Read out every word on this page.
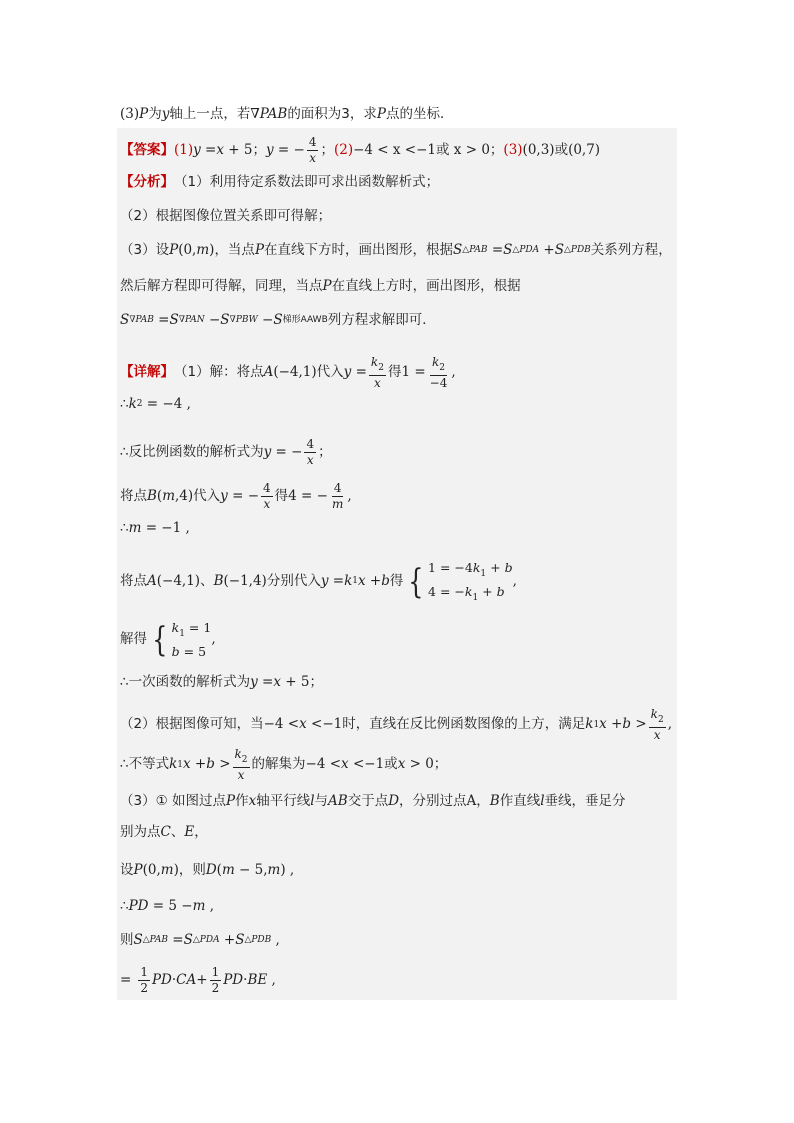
(3) P 为 y 轴上一点，若 ∇ PAB 的面积为3，求 P 点的坐标．
【答案】 (1) y = x + 5 ； y = − $\frac{4}{x}$ ； (2) −4 < x <−1或 x > 0 ； (3) (0,3) 或 (0,7)
【分析】 （1）利用待定系数法即可求出函数解析式；
（2）根据图像位置关系即可得解；
（3）设 P (0, m ) ，当点 P 在直线下方时，画出图形，根据 S △ PAB = S △ PDA + S △ PDB 关系列方程，
然后解方程即可得解，同理，当点 P 在直线上方时，画出图形，根据
S ∇ PAB = S ∇ PAN − S ∇ PBW − S 梯形AAWB 列方程求解即可．
【详解】 （1）解：将点 A (−4,1) 代入 $y = \frac{k_2}{x}$ 得 $1 = \frac{k_2}{-4}$ ,
∴ k 2 = −4 ,
∴反比例函数的解析式为 y = − $\frac{4}{x}$ ；
将点 B ( m ,4) 代入 y = − $\frac{4}{x}$ 得 4 = − $\frac{4}{m}$ ,
∴ m = −1 ,
将点 A (−4,1) 、 B (−1,4) 分别代入 y = k 1 x + b 得 { $1 = -4k_1 + b$
$4 = -k_1 + b$
,
解得 { $k_1 = 1$
b = 5
,
∴一次函数的解析式为 y = x + 5 ；
（2）根据图像可知，当 −4 < x <−1 时，直线在反比例函数图像的上方，满足 k 1 $x + b > \frac{k_2}{x}$ ,
∴不等式 k 1 $x + b > \frac{k_2}{x}$ 的解集为 −4 < x <−1或 x > 0 ；
（3）① 如图过点 P 作 x 轴平行线 l 与 AB 交于点 D ，分别过点 A ， B 作直线 l 垂线，垂足分
别为点 C 、 E ，
设 P (0, m ) ，则 D ( m − 5, m ) ,
∴ PD = 5 − m ,
则 S △ PAB = S △ PDA + S △ PDB ,
= $\frac{1}{2}$ PD · CA + $\frac{1}{2}$ PD · BE ,
